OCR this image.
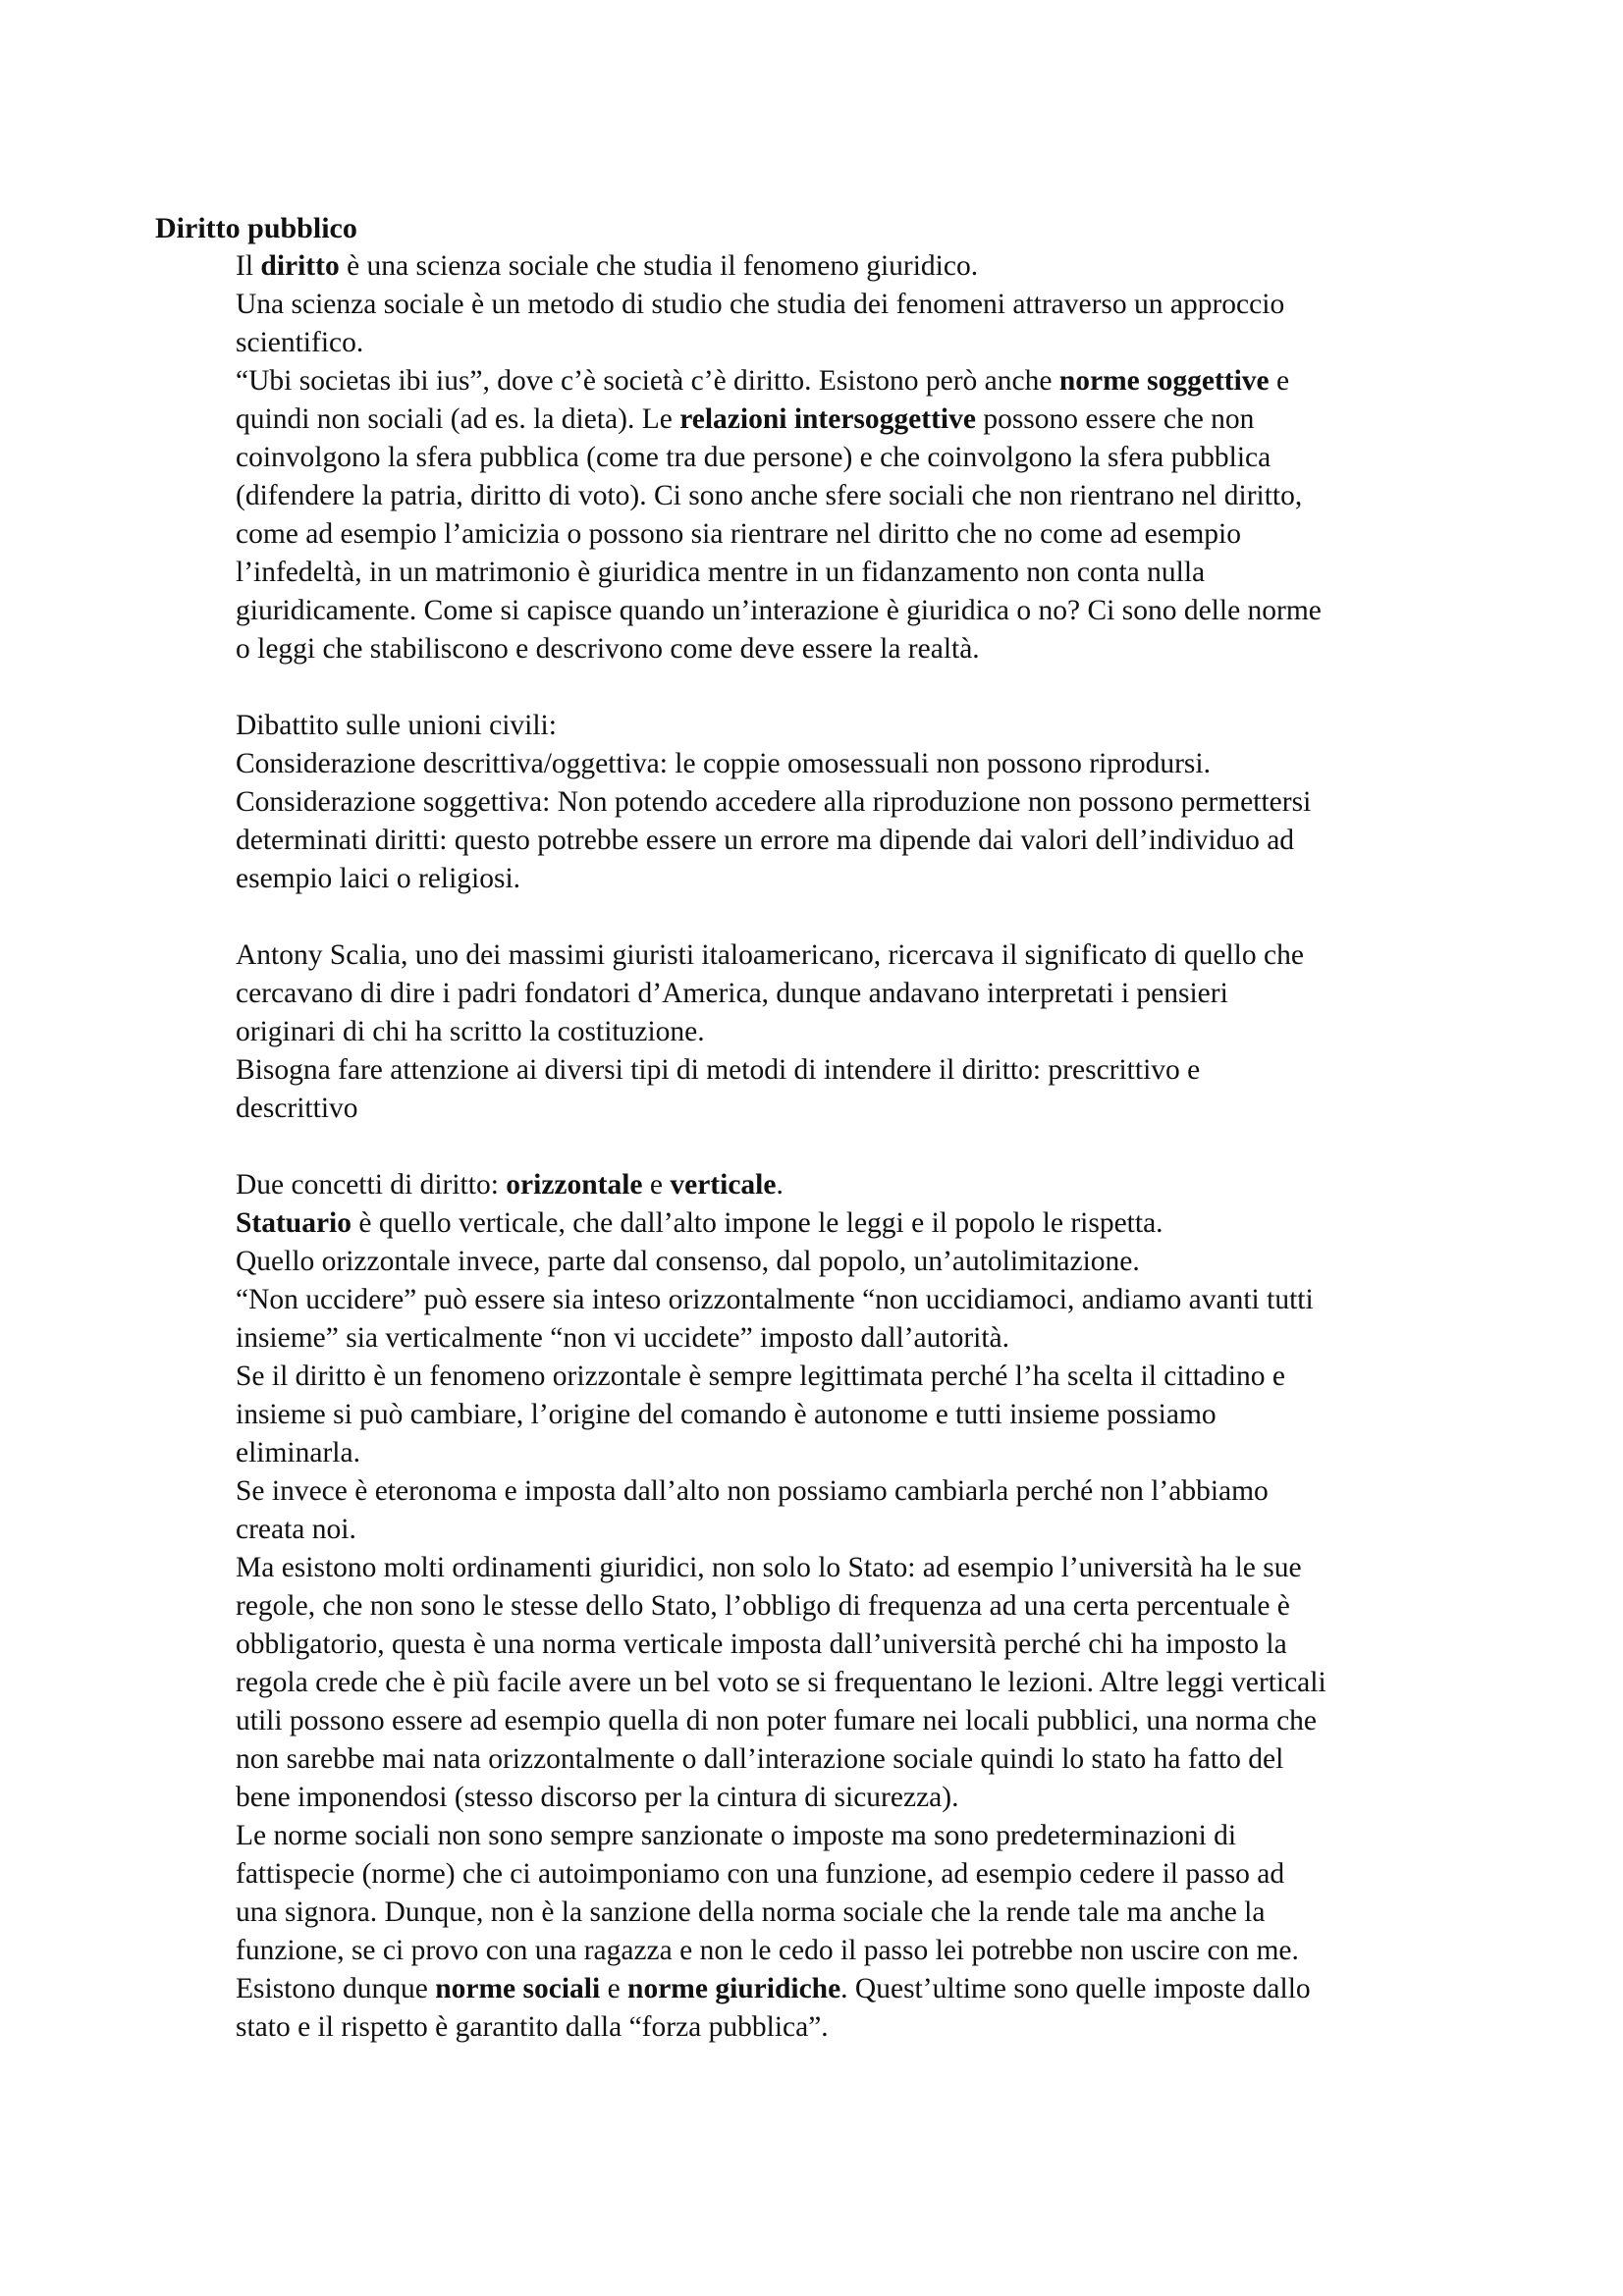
Diritto pubblico
Il diritto è una scienza sociale che studia il fenomeno giuridico.
Una scienza sociale è un metodo di studio che studia dei fenomeni attraverso un approccio
scientifico.
“Ubi societas ibi ius”, dove c’è società c’è diritto. Esistono però anche norme soggettive e
quindi non sociali (ad es. la dieta). Le relazioni intersoggettive possono essere che non
coinvolgono la sfera pubblica (come tra due persone) e che coinvolgono la sfera pubblica
(difendere la patria, diritto di voto). Ci sono anche sfere sociali che non rientrano nel diritto,
come ad esempio l’amicizia o possono sia rientrare nel diritto che no come ad esempio
l’infedeltà, in un matrimonio è giuridica mentre in un fidanzamento non conta nulla
giuridicamente. Come si capisce quando un’interazione è giuridica o no? Ci sono delle norme
o leggi che stabiliscono e descrivono come deve essere la realtà.
Dibattito sulle unioni civili:
Considerazione descrittiva/oggettiva: le coppie omosessuali non possono riprodursi.
Considerazione soggettiva: Non potendo accedere alla riproduzione non possono permettersi
determinati diritti: questo potrebbe essere un errore ma dipende dai valori dell’individuo ad
esempio laici o religiosi.
Antony Scalia, uno dei massimi giuristi italoamericano, ricercava il significato di quello che
cercavano di dire i padri fondatori d’America, dunque andavano interpretati i pensieri
originari di chi ha scritto la costituzione.
Bisogna fare attenzione ai diversi tipi di metodi di intendere il diritto: prescrittivo e
descrittivo
Due concetti di diritto: orizzontale e verticale.
Statuario è quello verticale, che dall’alto impone le leggi e il popolo le rispetta.
Quello orizzontale invece, parte dal consenso, dal popolo, un’autolimitazione.
“Non uccidere” può essere sia inteso orizzontalmente “non uccidiamoci, andiamo avanti tutti
insieme” sia verticalmente “non vi uccidete” imposto dall’autorità.
Se il diritto è un fenomeno orizzontale è sempre legittimata perché l’ha scelta il cittadino e
insieme si può cambiare, l’origine del comando è autonome e tutti insieme possiamo
eliminarla.
Se invece è eteronoma e imposta dall’alto non possiamo cambiarla perché non l’abbiamo
creata noi.
Ma esistono molti ordinamenti giuridici, non solo lo Stato: ad esempio l’università ha le sue
regole, che non sono le stesse dello Stato, l’obbligo di frequenza ad una certa percentuale è
obbligatorio, questa è una norma verticale imposta dall’università perché chi ha imposto la
regola crede che è più facile avere un bel voto se si frequentano le lezioni. Altre leggi verticali
utili possono essere ad esempio quella di non poter fumare nei locali pubblici, una norma che
non sarebbe mai nata orizzontalmente o dall’interazione sociale quindi lo stato ha fatto del
bene imponendosi (stesso discorso per la cintura di sicurezza).
Le norme sociali non sono sempre sanzionate o imposte ma sono predeterminazioni di
fattispecie (norme) che ci autoimponiamo con una funzione, ad esempio cedere il passo ad
una signora. Dunque, non è la sanzione della norma sociale che la rende tale ma anche la
funzione, se ci provo con una ragazza e non le cedo il passo lei potrebbe non uscire con me.
Esistono dunque norme sociali e norme giuridiche. Quest’ultime sono quelle imposte dallo
stato e il rispetto è garantito dalla “forza pubblica”.
